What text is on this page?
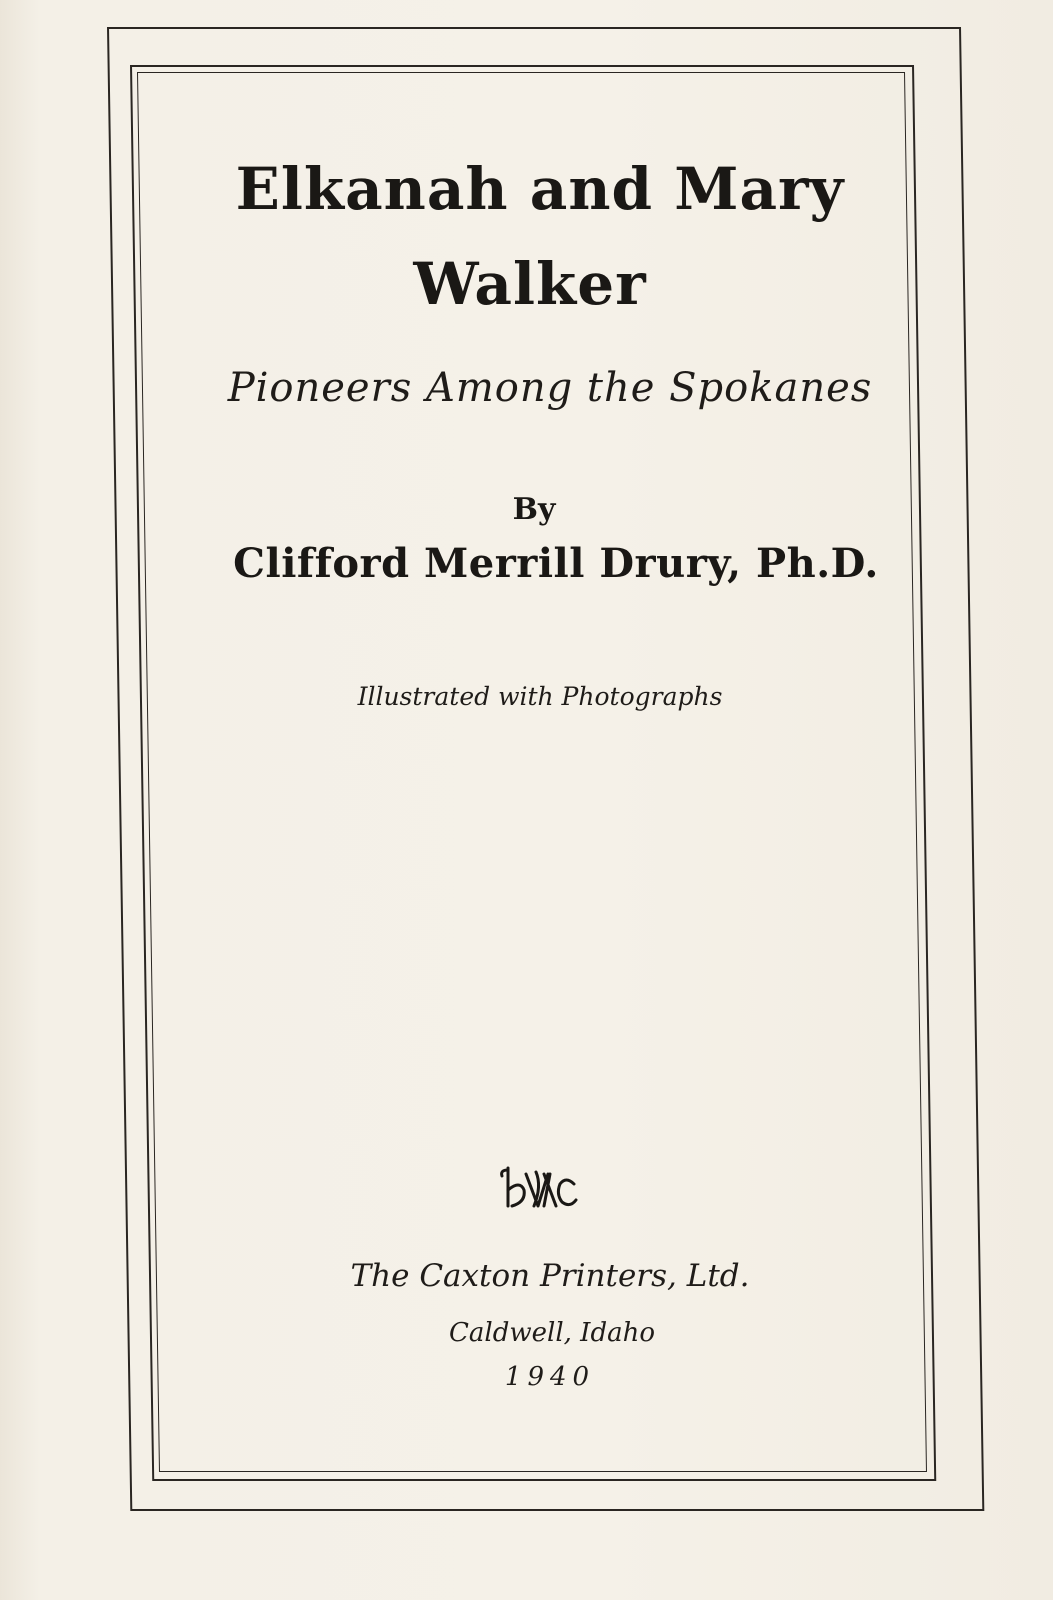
Elkanah and Mary
Walker
Pioneers Among the Spokanes
By
Clifford Merrill Drury, Ph.D.
Illustrated with Photographs
The Caxton Printers, Ltd.
Caldwell, Idaho
1940
